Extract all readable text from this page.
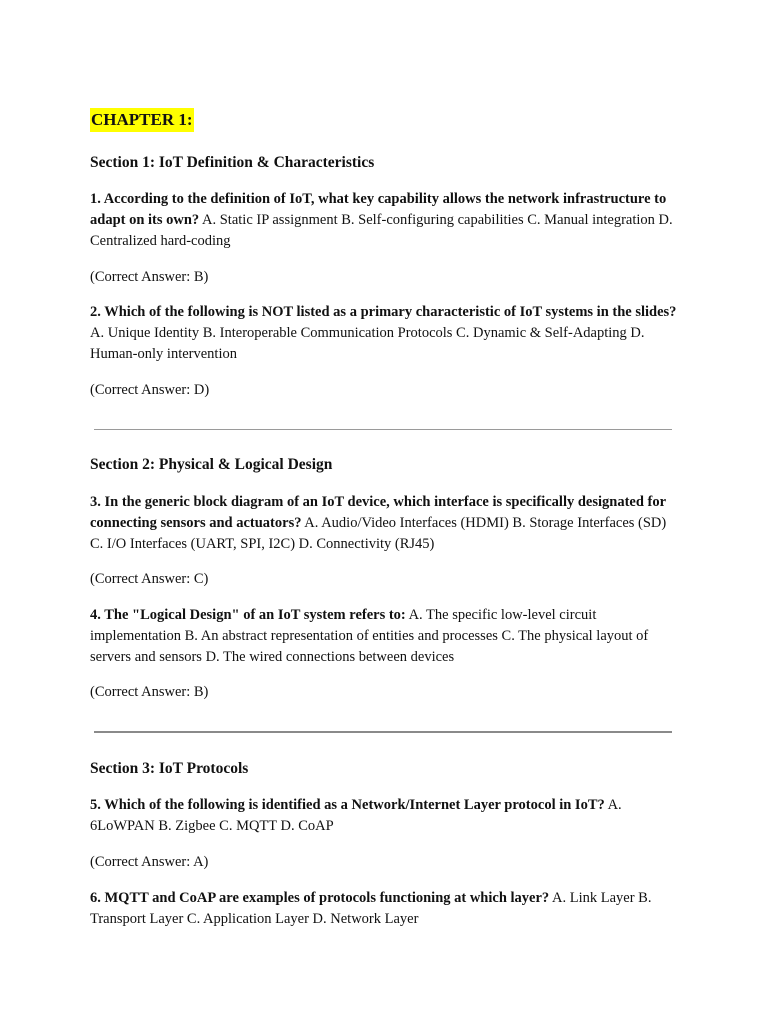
CHAPTER 1:

Section 1: IoT Definition & Characteristics

1. According to the definition of IoT, what key capability allows the network infrastructure to adapt on its own? A. Static IP assignment B. Self-configuring capabilities C. Manual integration D. Centralized hard-coding

(Correct Answer: B)

2. Which of the following is NOT listed as a primary characteristic of IoT systems in the slides? A. Unique Identity B. Interoperable Communication Protocols C. Dynamic & Self-Adapting D. Human-only intervention

(Correct Answer: D)

Section 2: Physical & Logical Design

3. In the generic block diagram of an IoT device, which interface is specifically designated for connecting sensors and actuators? A. Audio/Video Interfaces (HDMI) B. Storage Interfaces (SD) C. I/O Interfaces (UART, SPI, I2C) D. Connectivity (RJ45)

(Correct Answer: C)

4. The "Logical Design" of an IoT system refers to: A. The specific low-level circuit implementation B. An abstract representation of entities and processes C. The physical layout of servers and sensors D. The wired connections between devices

(Correct Answer: B)

Section 3: IoT Protocols

5. Which of the following is identified as a Network/Internet Layer protocol in IoT? A. 6LoWPAN B. Zigbee C. MQTT D. CoAP

(Correct Answer: A)

6. MQTT and CoAP are examples of protocols functioning at which layer? A. Link Layer B. Transport Layer C. Application Layer D. Network Layer
